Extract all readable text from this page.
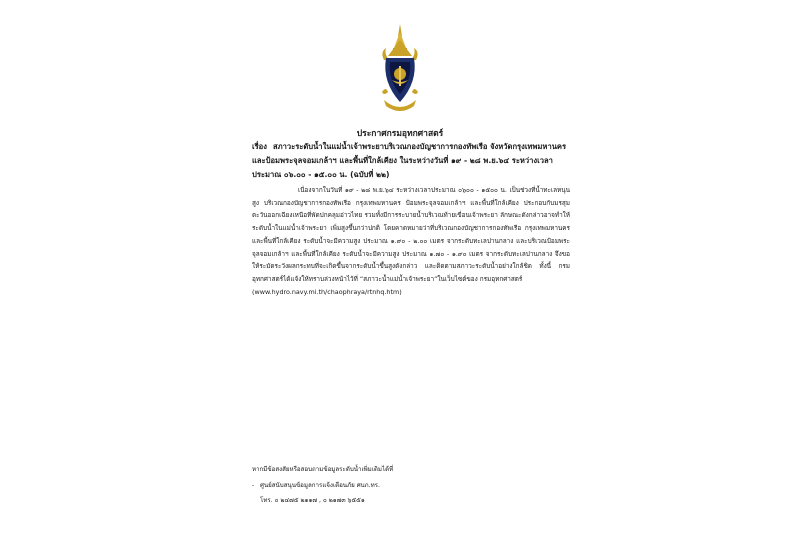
ประกาศกรมอุทกศาสตร์
เรื่อง สภาวะระดับน้ำในแม่น้ำเจ้าพระยาบริเวณกองบัญชาการกองทัพเรือ จังหวัดกรุงเทพมหานคร และป้อมพระจุลจอมเกล้าฯ และพื้นที่ใกล้เคียง ในระหว่างวันที่ ๑๙ - ๒๘ พ.ย.๖๔ ระหว่างเวลาประมาณ ๐๖.๐๐ - ๑๕.๐๐ น. (ฉบับที่ ๒๒)
เนื่องจากในวันที่ ๑๙ - ๒๘ พ.ย.๖๔ ระหว่างเวลาประมาณ ๐๖๐๐ - ๑๕๐๐ น. เป็นช่วงที่น้ำทะเลหนุนสูง บริเวณกองบัญชาการกองทัพเรือ กรุงเทพมหานคร ป้อมพระจุลจอมเกล้าฯ และพื้นที่ใกล้เคียง ประกอบกับมรสุมตะวันออกเฉียงเหนือที่พัดปกคลุมอ่าวไทย รวมทั้งมีการระบายน้ำบริเวณท้ายเขื่อนเจ้าพระยา ลักษณะดังกล่าวอาจทำให้ระดับน้ำในแม่น้ำเจ้าพระยา เพิ่มสูงขึ้นกว่าปกติ โดยคาดหมายว่าที่บริเวณกองบัญชาการกองทัพเรือ กรุงเทพมหานคร และพื้นที่ใกล้เคียง ระดับน้ำจะมีความสูง ประมาณ ๑.๙๐ - ๒.๐๐ เมตร จากระดับทะเลปานกลาง และบริเวณป้อมพระจุลจอมเกล้าฯ และพื้นที่ใกล้เคียง ระดับน้ำจะมีความสูง ประมาณ ๑.๗๐ - ๑.๙๐ เมตร จากระดับทะเลปานกลาง จึงขอให้ระมัดระวังผลกระทบที่จะเกิดขึ้นจากระดับน้ำขึ้นสูงดังกล่าว และติดตามสภาวะระดับน้ำอย่างใกล้ชิด ทั้งนี้ กรมอุทกศาสตร์ได้แจ้งให้ทราบล่วงหน้าไว้ที่ “สภาวะน้ำแม่น้ำเจ้าพระยา”ในเว็บไซต์ของ กรมอุทกศาสตร์
(www.hydro.navy.mi.th/chaophraya/rtnhq.htm)
หากมีข้อสงสัยหรือสอบถามข้อมูลระดับน้ำเพิ่มเติมได้ที่
- ศูนย์สนับสนุนข้อมูลการแจ้งเตือนภัย ศบภ.ทร.
โทร. ๐ ๒๔๗๕ ๒๑๑๗ , ๐ ๒๑๗๓ ๖๕๕๑
